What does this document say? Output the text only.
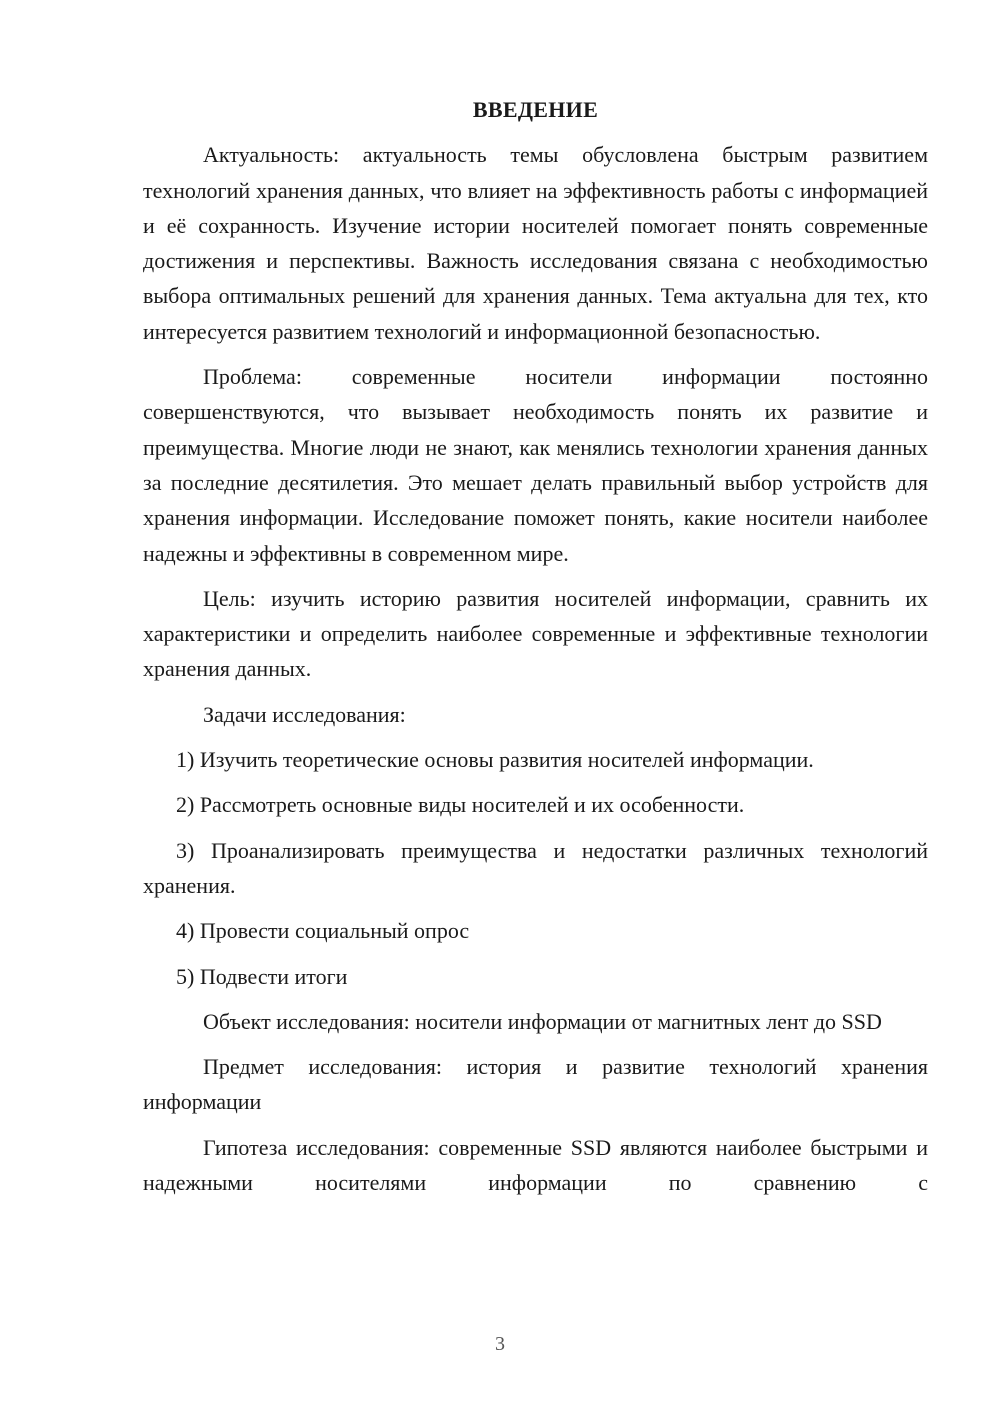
ВВЕДЕНИЕ

Актуальность: актуальность темы обусловлена быстрым развитием технологий хранения данных, что влияет на эффективность работы с информацией и её сохранность. Изучение истории носителей помогает понять современные достижения и перспективы. Важность исследования связана с необходимостью выбора оптимальных решений для хранения данных. Тема актуальна для тех, кто интересуется развитием технологий и информационной безопасностью.

Проблема: современные носители информации постоянно совершенствуются, что вызывает необходимость понять их развитие и преимущества. Многие люди не знают, как менялись технологии хранения данных за последние десятилетия. Это мешает делать правильный выбор устройств для хранения информации. Исследование поможет понять, какие носители наиболее надежны и эффективны в современном мире.

Цель: изучить историю развития носителей информации, сравнить их характеристики и определить наиболее современные и эффективные технологии хранения данных.

Задачи исследования:

1) Изучить теоретические основы развития носителей информации.

2) Рассмотреть основные виды носителей и их особенности.

3) Проанализировать преимущества и недостатки различных технологий хранения.

4) Провести социальный опрос

5) Подвести итоги

Объект исследования: носители информации от магнитных лент до SSD

Предмет исследования: история и развитие технологий хранения информации

Гипотеза исследования: современные SSD являются наиболее быстрыми и надежными носителями информации по сравнению с

3
